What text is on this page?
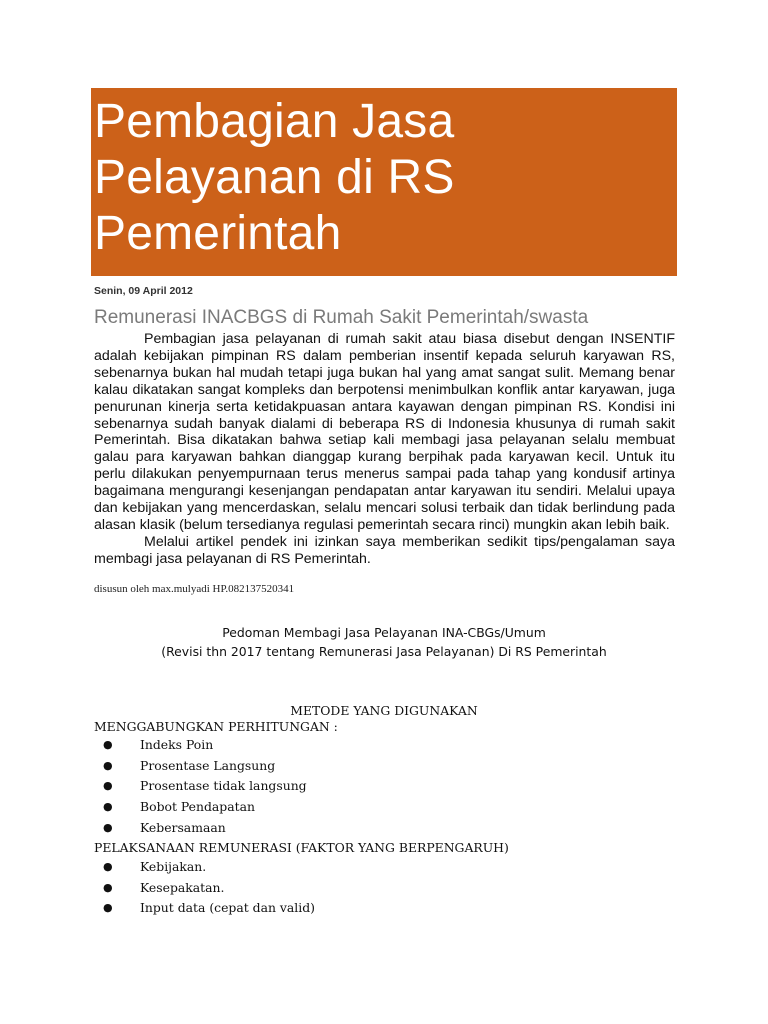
Pembagian Jasa
Pelayanan di RS
Pemerintah
Senin, 09 April 2012
Remunerasi INACBGS di Rumah Sakit Pemerintah/swasta

Pembagian jasa pelayanan di rumah sakit atau biasa disebut dengan INSENTIF adalah kebijakan pimpinan RS dalam pemberian insentif kepada seluruh karyawan RS, sebenarnya bukan hal mudah tetapi juga bukan hal yang amat sangat sulit. Memang benar kalau dikatakan sangat kompleks dan berpotensi menimbulkan konflik antar karyawan, juga penurunan kinerja serta ketidakpuasan antara kayawan dengan pimpinan RS. Kondisi ini sebenarnya sudah banyak dialami di beberapa RS di Indonesia khusunya di rumah sakit Pemerintah. Bisa dikatakan bahwa setiap kali membagi jasa pelayanan selalu membuat galau para karyawan bahkan dianggap kurang berpihak pada karyawan kecil. Untuk itu perlu dilakukan penyempurnaan terus menerus sampai pada tahap yang kondusif artinya bagaimana mengurangi kesenjangan pendapatan antar karyawan itu sendiri. Melalui upaya dan kebijakan yang mencerdaskan, selalu mencari solusi terbaik dan tidak berlindung pada alasan klasik (belum tersedianya regulasi pemerintah secara rinci) mungkin akan lebih baik.

Melalui artikel pendek ini izinkan saya memberikan sedikit tips/pengalaman saya membagi jasa pelayanan di RS Pemerintah.

disusun oleh max.mulyadi HP.082137520341
Pedoman Membagi Jasa Pelayanan INA-CBGs/Umum
(Revisi thn 2017 tentang Remunerasi Jasa Pelayanan) Di RS Pemerintah
METODE YANG DIGUNAKAN
MENGGABUNGKAN PERHITUNGAN :
● Indeks Poin
● Prosentase Langsung
● Prosentase tidak langsung
● Bobot Pendapatan
● Kebersamaan
PELAKSANAAN REMUNERASI (FAKTOR YANG BERPENGARUH)
● Kebijakan.
● Kesepakatan.
● Input data (cepat dan valid)
